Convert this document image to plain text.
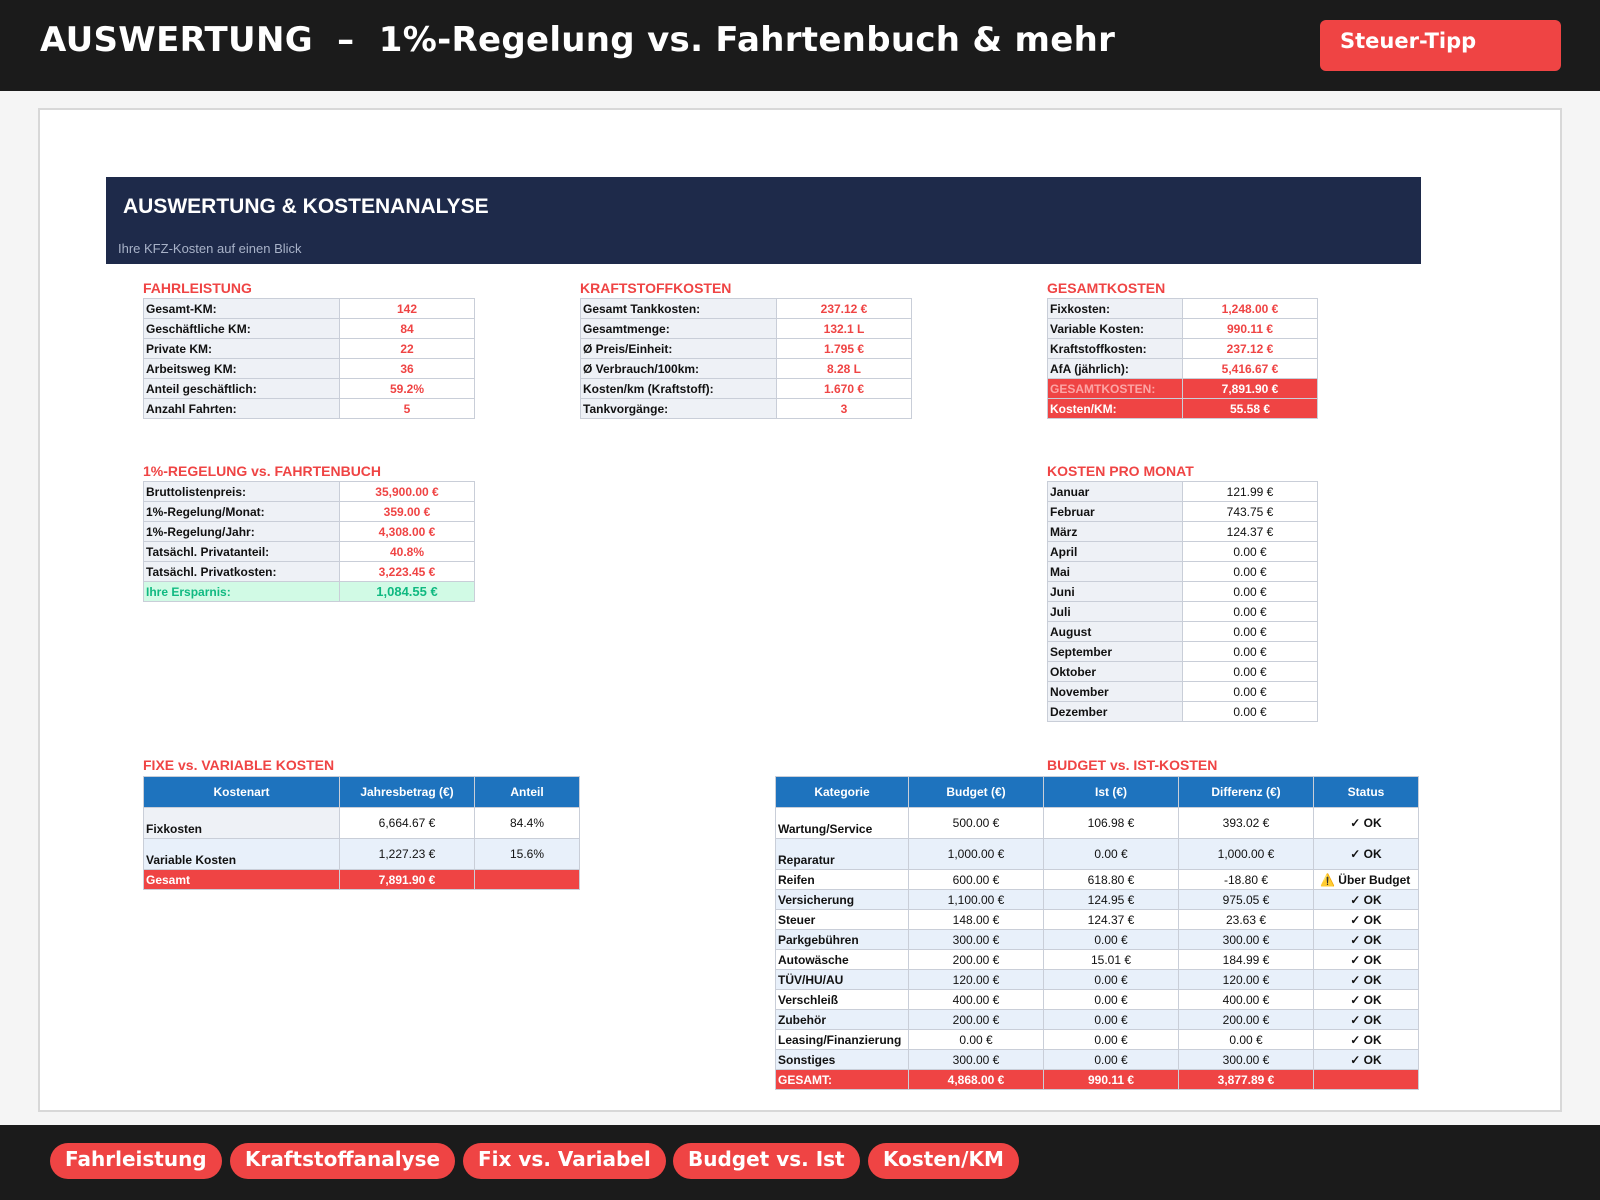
AUSWERTUNG  –  1%-Regelung vs. Fahrtenbuch & mehr	Steuer-Tipp
AUSWERTUNG & KOSTENANALYSE
Ihre KFZ-Kosten auf einen Blick
FAHRLEISTUNG
Gesamt-KM:	142
Geschäftliche KM:	84
Private KM:	22
Arbeitsweg KM:	36
Anteil geschäftlich:	59.2%
Anzahl Fahrten:	5
KRAFTSTOFFKOSTEN
Gesamt Tankkosten:	237.12 €
Gesamtmenge:	132.1 L
Ø Preis/Einheit:	1.795 €
Ø Verbrauch/100km:	8.28 L
Kosten/km (Kraftstoff):	1.670 €
Tankvorgänge:	3
GESAMTKOSTEN
Fixkosten:	1,248.00 €
Variable Kosten:	990.11 €
Kraftstoffkosten:	237.12 €
AfA (jährlich):	5,416.67 €
GESAMTKOSTEN:	7,891.90 €
Kosten/KM:	55.58 €
1%-REGELUNG vs. FAHRTENBUCH
Bruttolistenpreis:	35,900.00 €
1%-Regelung/Monat:	359.00 €
1%-Regelung/Jahr:	4,308.00 €
Tatsächl. Privatanteil:	40.8%
Tatsächl. Privatkosten:	3,223.45 €
Ihre Ersparnis:	1,084.55 €
KOSTEN PRO MONAT
Januar	121.99 €
Februar	743.75 €
März	124.37 €
April	0.00 €
Mai	0.00 €
Juni	0.00 €
Juli	0.00 €
August	0.00 €
September	0.00 €
Oktober	0.00 €
November	0.00 €
Dezember	0.00 €
FIXE vs. VARIABLE KOSTEN
Kostenart	Jahresbetrag (€)	Anteil
Fixkosten	6,664.67 €	84.4%
Variable Kosten	1,227.23 €	15.6%
Gesamt	7,891.90 €	
BUDGET vs. IST-KOSTEN
Kategorie	Budget (€)	Ist (€)	Differenz (€)	Status
Wartung/Service	500.00 €	106.98 €	393.02 €	✓ OK
Reparatur	1,000.00 €	0.00 €	1,000.00 €	✓ OK
Reifen	600.00 €	618.80 €	-18.80 €	⚠️ Über Budget
Versicherung	1,100.00 €	124.95 €	975.05 €	✓ OK
Steuer	148.00 €	124.37 €	23.63 €	✓ OK
Parkgebühren	300.00 €	0.00 €	300.00 €	✓ OK
Autowäsche	200.00 €	15.01 €	184.99 €	✓ OK
TÜV/HU/AU	120.00 €	0.00 €	120.00 €	✓ OK
Verschleiß	400.00 €	0.00 €	400.00 €	✓ OK
Zubehör	200.00 €	0.00 €	200.00 €	✓ OK
Leasing/Finanzierung	0.00 €	0.00 €	0.00 €	✓ OK
Sonstiges	300.00 €	0.00 €	300.00 €	✓ OK
GESAMT:	4,868.00 €	990.11 €	3,877.89 €	
Fahrleistung	Kraftstoffanalyse	Fix vs. Variabel	Budget vs. Ist	Kosten/KM
